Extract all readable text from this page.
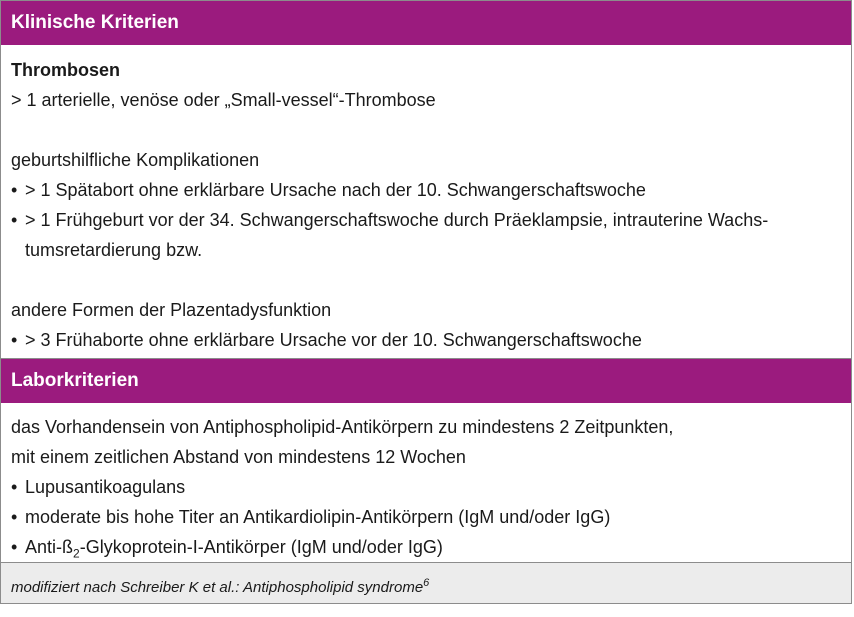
Klinische Kriterien
Thrombosen
> 1 arterielle, venöse oder „Small-vessel“-Thrombose
geburtshilfliche Komplikationen
• > 1 Spätabort ohne erklärbare Ursache nach der 10. Schwangerschaftswoche
• > 1 Frühgeburt vor der 34. Schwangerschaftswoche durch Präeklampsie, intrauterine Wachs-
tumsretardierung bzw.
andere Formen der Plazentadysfunktion
• > 3 Frühaborte ohne erklärbare Ursache vor der 10. Schwangerschaftswoche
Laborkriterien
das Vorhandensein von Antiphospholipid-Antikörpern zu mindestens 2 Zeitpunkten,
mit einem zeitlichen Abstand von mindestens 12 Wochen
• Lupusantikoagulans
• moderate bis hohe Titer an Antikardiolipin-Antikörpern (IgM und/oder IgG)
• Anti-$ß_2-Glykoprotein-I$-Antikörper (IgM und/oder IgG)
modifiziert nach Schreiber K et al.: Antiphospholipid syndrome$^6$
